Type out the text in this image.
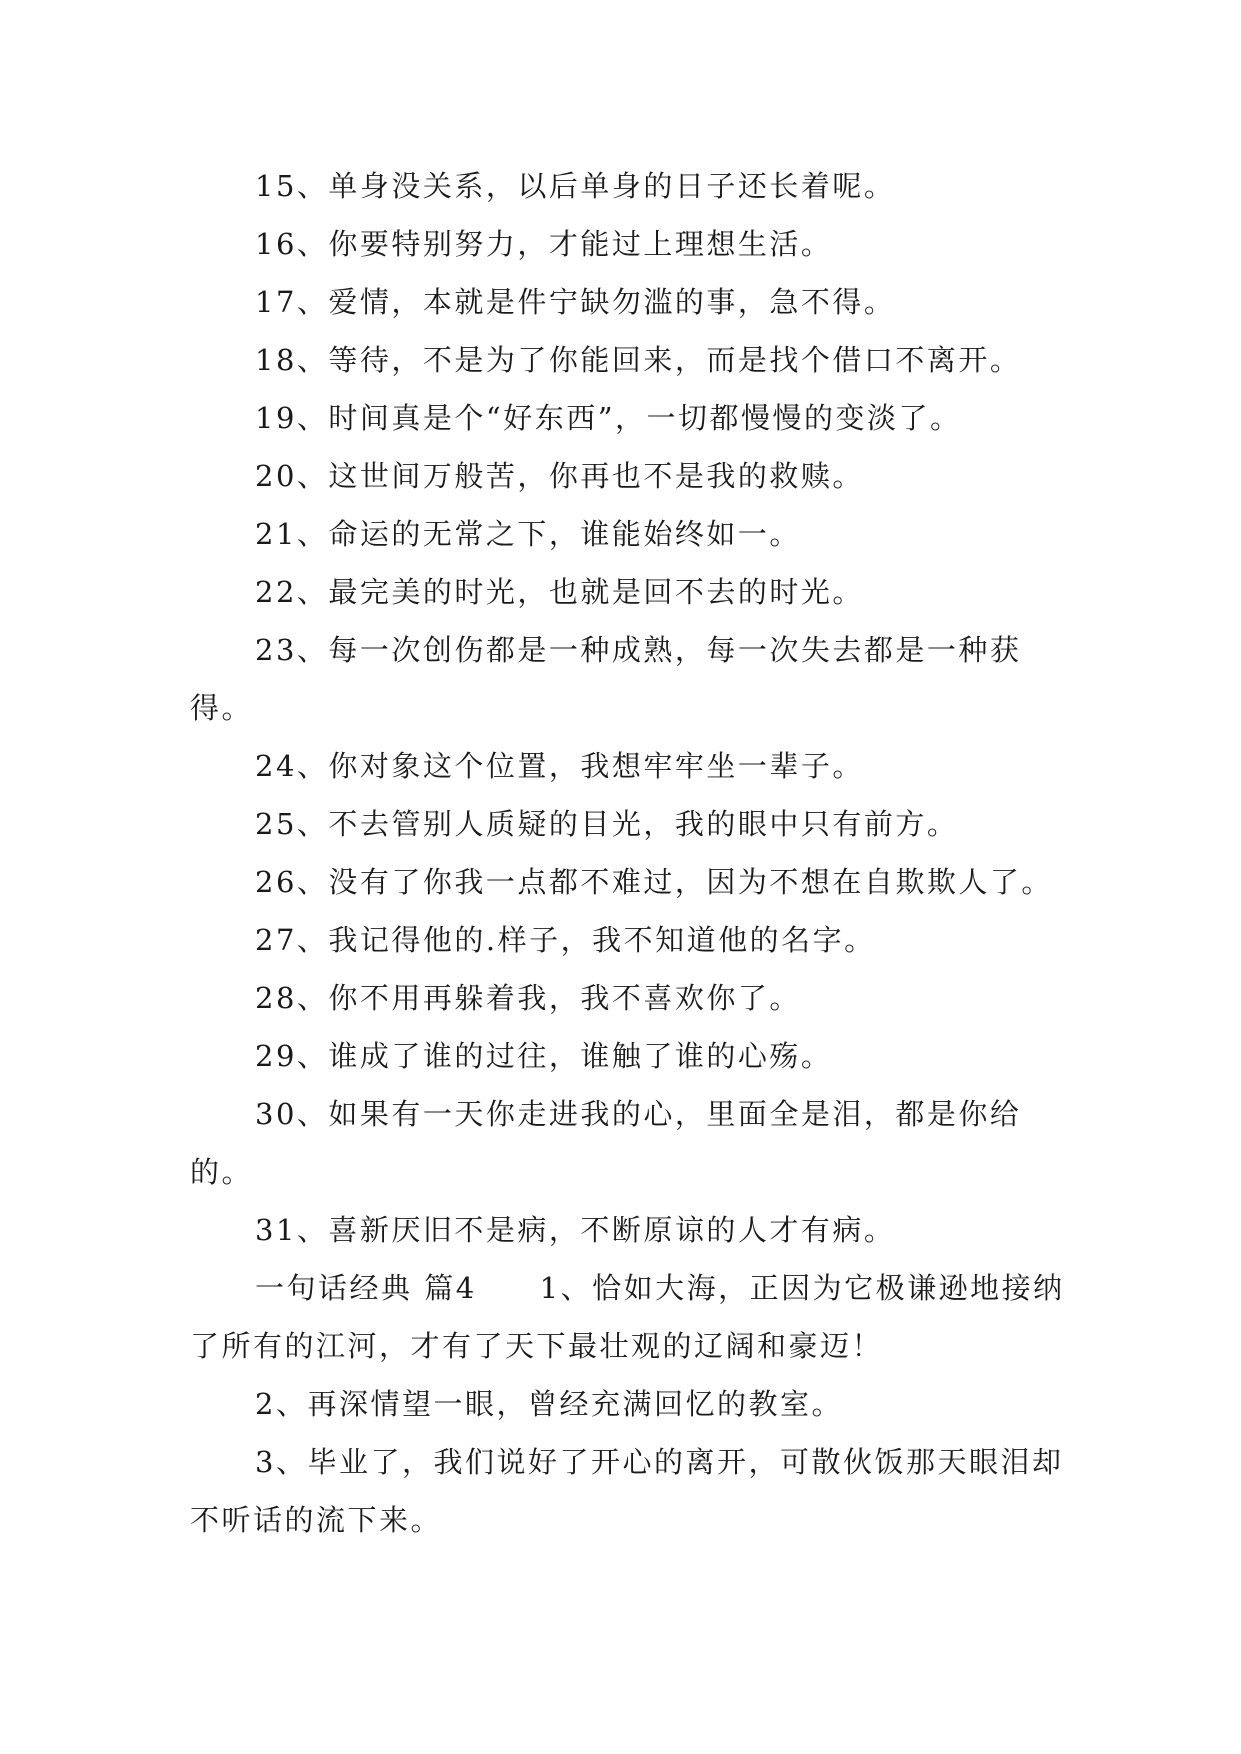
15、单身没关系，以后单身的日子还长着呢。

16、你要特别努力，才能过上理想生活。

17、爱情，本就是件宁缺勿滥的事，急不得。

18、等待，不是为了你能回来，而是找个借口不离开。

19、时间真是个“好东西”，一切都慢慢的变淡了。

20、这世间万般苦，你再也不是我的救赎。

21、命运的无常之下，谁能始终如一。

22、最完美的时光，也就是回不去的时光。

23、每一次创伤都是一种成熟，每一次失去都是一种获得。

24、你对象这个位置，我想牢牢坐一辈子。

25、不去管别人质疑的目光，我的眼中只有前方。

26、没有了你我一点都不难过，因为不想在自欺欺人了。

27、我记得他的.样子，我不知道他的名字。

28、你不用再躲着我，我不喜欢你了。

29、谁成了谁的过往，谁触了谁的心殇。

30、如果有一天你走进我的心，里面全是泪，都是你给的。

31、喜新厌旧不是病，不断原谅的人才有病。

一句话经典 篇4　　1、恰如大海，正因为它极谦逊地接纳了所有的江河，才有了天下最壮观的辽阔和豪迈！

2、再深情望一眼，曾经充满回忆的教室。

3、毕业了，我们说好了开心的离开，可散伙饭那天眼泪却不听话的流下来。
